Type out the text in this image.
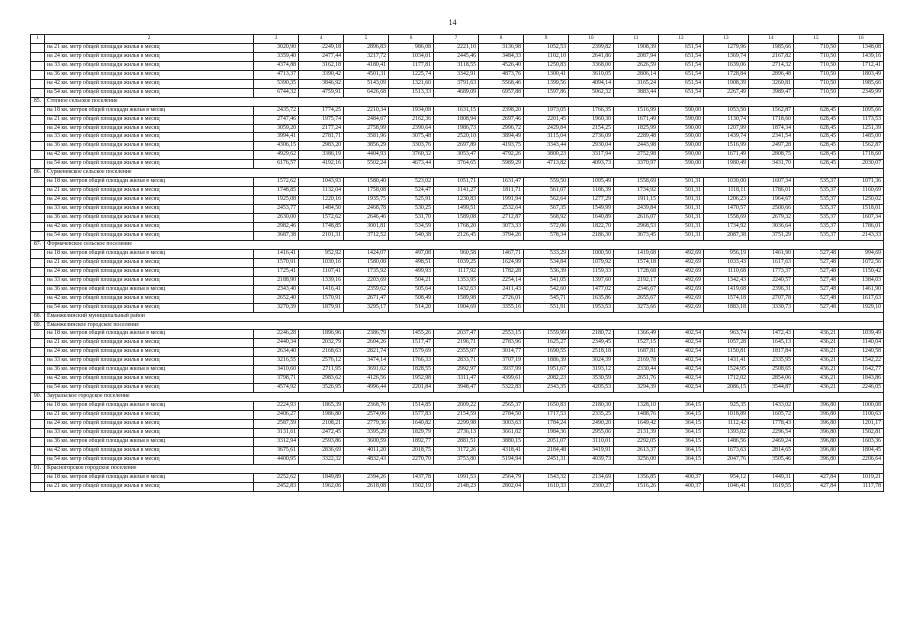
14
1	2	3	4	5	6	7	8	9	10	11	12	13	14	15	16
	на 21 кв. метр общей площади жилья в месяц	3020,90	2249,18	2896,83	986,08	2221,10	3136,98	1052,53	2399,82	1908,39	651,54	1279,96	1985,66	710,50	1348,08
	на 24 кв. метр общей площади жилья в месяц	3359,40	2477,44	3217,72	1034,01	2445,46	3484,33	1102,10	2641,86	2087,94	651,54	1369,74	2167,82	710,50	1439,16
	на 33 кв. метр общей площади жилья в месяц	4374,88	3162,18	4180,41	1177,81	3118,55	4526,40	1250,83	3368,00	2626,59	651,54	1639,06	2714,32	710,50	1712,41
	на 36 кв. метр общей площади жилья в месяц	4713,37	3390,42	4501,31	1225,74	3342,91	4873,76	1300,41	3610,05	2806,14	651,54	1728,84	2896,48	710,50	1803,49
	на 42 кв. метр общей площади жилья в месяц	5390,35	3846,92	5143,09	1321,60	3791,63	5568,46	1399,56	4094,14	3165,24	651,54	1908,39	3260,81	710,50	1985,66
	на 54 кв. метр общей площади жилья в месяц	6744,32	4759,91	6426,68	1513,33	4689,09	6957,88	1597,86	5062,32	3883,44	651,54	2267,49	3989,47	710,50	2349,99
85.	Степное сельское поселение														
	на 18 кв. метров общей площади жилья в месяц	2435,72	1774,25	2210,34	1934,08	1631,15	2398,20	1973,05	1766,35	1516,99	590,00	1053,50	1562,87	628,45	1095,66
	на 21 кв. метр общей площади жилья в месяц	2747,46	1975,74	2484,67	2162,36	1808,94	2697,46	2201,45	1960,30	1671,49	590,00	1130,74	1718,60	628,45	1173,53
	на 24 кв. метр общей площади жилья в месяц	3059,20	2177,24	2758,99	2390,64	1986,73	2996,72	2429,84	2154,25	1825,99	590,00	1207,99	1874,34	628,45	1251,39
	на 33 кв. метр общей площади жилья в месяц	3994,41	2781,71	3581,96	3075,48	2520,10	3894,49	3115,04	2736,09	2289,48	590,00	1439,74	2341,54	628,45	1485,00
	на 36 кв. метр общей площади жилья в месяц	4306,15	2983,20	3856,29	3303,76	2697,89	4193,75	3343,44	2930,04	2443,98	590,00	1516,99	2497,28	628,45	1562,87
	на 42 кв. метр общей площади жилья в месяц	4929,62	3386,19	4404,93	3760,32	3053,47	4792,26	3800,23	3317,94	2752,98	590,00	1671,49	2808,75	628,45	1718,60
	на 54 кв. метр общей площади жилья в месяц	6176,57	4192,16	5502,24	4673,44	3764,65	5989,29	4713,82	4093,73	3370,97	590,00	1980,49	3431,70	628,45	2030,07
86.	Сурменевское сельское поселение														
	на 18 кв. метров общей площади жилья в месяц	1572,62	1043,93	1580,40	523,02	1051,71	1631,47	559,50	1095,49	1558,69	501,31	1030,00	1607,34	535,37	1071,36
	на 21 кв. метр общей площади жилья в месяц	1748,85	1132,04	1758,08	524,47	1141,27	1811,71	561,07	1186,39	1734,92	501,31	1118,11	1786,01	535,37	1160,69
	на 24 кв. метр общей площади жилья в месяц	1925,08	1220,16	1935,75	525,91	1230,83	1991,94	562,64	1277,29	1911,15	501,31	1206,23	1964,67	535,37	1250,02
	на 33 кв. метр общей площади жилья в месяц	2453,77	1484,50	2468,78	530,25	1499,51	2532,64	567,35	1549,99	2439,84	501,31	1470,57	2500,66	535,37	1518,01
	на 36 кв. метр общей площади жилья в месяц	2630,00	1572,62	2646,46	531,70	1589,08	2712,87	568,92	1640,89	2616,07	501,31	1558,69	2679,32	535,37	1607,34
	на 42 кв. метр общей площади жилья в месяц	2982,46	1748,85	3001,81	534,59	1768,20	3073,33	572,06	1822,70	2968,53	501,31	1734,92	3036,64	535,37	1786,01
	на 54 кв. метр общей площади жилья в месяц	3687,38	2101,31	3712,52	540,38	2126,45	3794,26	578,34	2186,30	3673,45	501,31	2087,38	3751,29	535,37	2143,33
87.	Формачевское сельское поселение														
	на 18 кв. метров общей площади жилья в месяц	1416,41	952,92	1424,07	497,08	960,58	1467,71	533,29	1000,50	1419,68	492,69	956,19	1461,90	527,48	994,69
	на 21 кв. метр общей площади жилья в месяц	1570,91	1030,16	1580,00	498,51	1039,25	1624,99	534,84	1079,92	1574,18	492,69	1033,43	1617,63	527,48	1072,56
	на 24 кв. метр общей площади жилья в месяц	1725,41	1107,41	1735,92	499,93	1117,92	1782,28	536,39	1159,33	1728,68	492,69	1110,68	1773,37	527,48	1150,42
	на 33 кв. метр общей площади жилья в месяц	2188,90	1339,16	2203,69	504,21	1353,95	2254,14	541,05	1397,60	2192,17	492,69	1342,43	2240,57	527,48	1384,03
	на 36 кв. метров общей площади жилья в месяц	2343,40	1416,41	2359,62	505,64	1432,63	2411,43	542,60	1477,02	2346,67	492,69	1419,68	2396,31	527,48	1461,90
	на 42 кв. метр общей площади жилья в месяц	2652,40	1570,91	2671,47	508,49	1589,98	2726,01	545,71	1635,86	2655,67	492,69	1574,18	2707,78	527,48	1617,63
	на 54 кв. метр общей площади жилья в месяц	3270,39	1879,91	3295,17	514,20	1904,69	3355,16	551,91	1953,53	3273,66	492,69	1883,18	3330,73	527,48	1929,10
88.	Еманжелинский муниципальный район														
89.	Еманжелинское городское поселение														
	на 18 кв. метров общей площади жилья в месяц	2246,28	1896,96	2386,79	1455,26	2037,47	2553,15	1559,99	2180,72	1366,49	402,54	963,74	1472,43	436,21	1039,49
	на 21 кв. метр общей площади жилья в месяц	2440,34	2032,79	2604,26	1517,47	2196,71	2783,96	1625,27	2349,45	1527,15	402,54	1057,28	1645,13	436,21	1140,04
	на 24 кв. метр общей площади жилья в месяц	2634,40	2168,63	2821,74	1579,69	2355,97	3014,77	1690,55	2518,18	1687,81	402,54	1150,81	1817,84	436,21	1240,58
	на 33 кв. метр общей площади жилья в месяц	3216,55	2576,12	3474,14	1766,33	2833,71	3707,19	1886,39	3024,39	2169,78	402,54	1431,41	2335,95	436,21	1542,22
	на 36 кв. метров общей площади жилья в месяц	3410,60	2711,95	3691,62	1828,55	2992,97	3937,99	1951,67	3193,12	2330,44	402,54	1524,95	2508,65	436,21	1642,77
	на 42 кв. метр общей площади жилья в месяц	3798,71	2983,62	4126,56	1952,98	3311,47	4399,61	2082,23	3530,59	2651,76	402,54	1712,02	2854,06	436,21	1843,86
	на 54 кв. метр общей площади жилья в месяц	4574,92	3526,95	4996,44	2201,84	3948,47	5322,83	2343,35	4205,53	3294,39	402,54	2086,15	3544,87	436,21	2246,05
90.	Зауральское городское поселение														
	на 18 кв. метров общей площади жилья в месяц	2224,93	1865,39	2368,76	1514,85	2009,22	2565,37	1650,83	2180,30	1328,10	364,15	925,35	1433,02	396,80	1000,08
	на 21 кв. метр общей площади жилья в месяц	2406,27	1986,80	2574,06	1577,83	2154,59	2784,50	1717,53	2335,25	1488,76	364,15	1018,89	1605,72	396,80	1100,63
	на 24 кв. метр общей площади жилья в месяц	2587,59	2108,21	2779,36	1640,82	2299,98	3003,63	1784,24	2490,20	1649,42	364,15	1112,42	1778,43	396,80	1201,17
	на 33 кв. метр общей площади жилья в месяц	3131,61	2472,45	3395,29	1829,79	2736,13	3661,02	1984,36	2955,06	2131,39	364,15	1393,02	2296,54	396,80	1502,81
	на 36 кв. метров общей площади жилья в месяц	3312,94	2593,86	3600,59	1892,77	2881,51	3880,15	2051,07	3110,01	2292,05	364,15	1486,56	2469,24	396,80	1603,36
	на 42 кв. метр общей площади жилья в месяц	3675,61	2836,69	4011,20	2018,75	3172,26	4318,41	2184,48	3419,91	2613,37	364,15	1673,63	2814,65	396,80	1804,45
	на 54 кв. метр общей площади жилья в месяц	4400,95	3322,32	4832,43	2270,70	3753,80	5194,94	2451,31	4039,73	3256,00	364,15	2047,76	3505,46	396,80	2206,64
91.	Красногорское городское поселение														
	на 18 кв. метров общей площади жилья в месяц	2252,62	1849,89	2394,26	1437,78	1991,53	2564,79	1543,32	2134,69	1356,85	400,37	954,12	1449,31	427,84	1019,21
	на 21 кв. метр общей площади жилья в месяц	2452,83	1962,06	2618,08	1502,19	2148,23	2802,04	1610,33	2300,27	1516,26	400,37	1046,41	1619,55	427,84	1117,78
